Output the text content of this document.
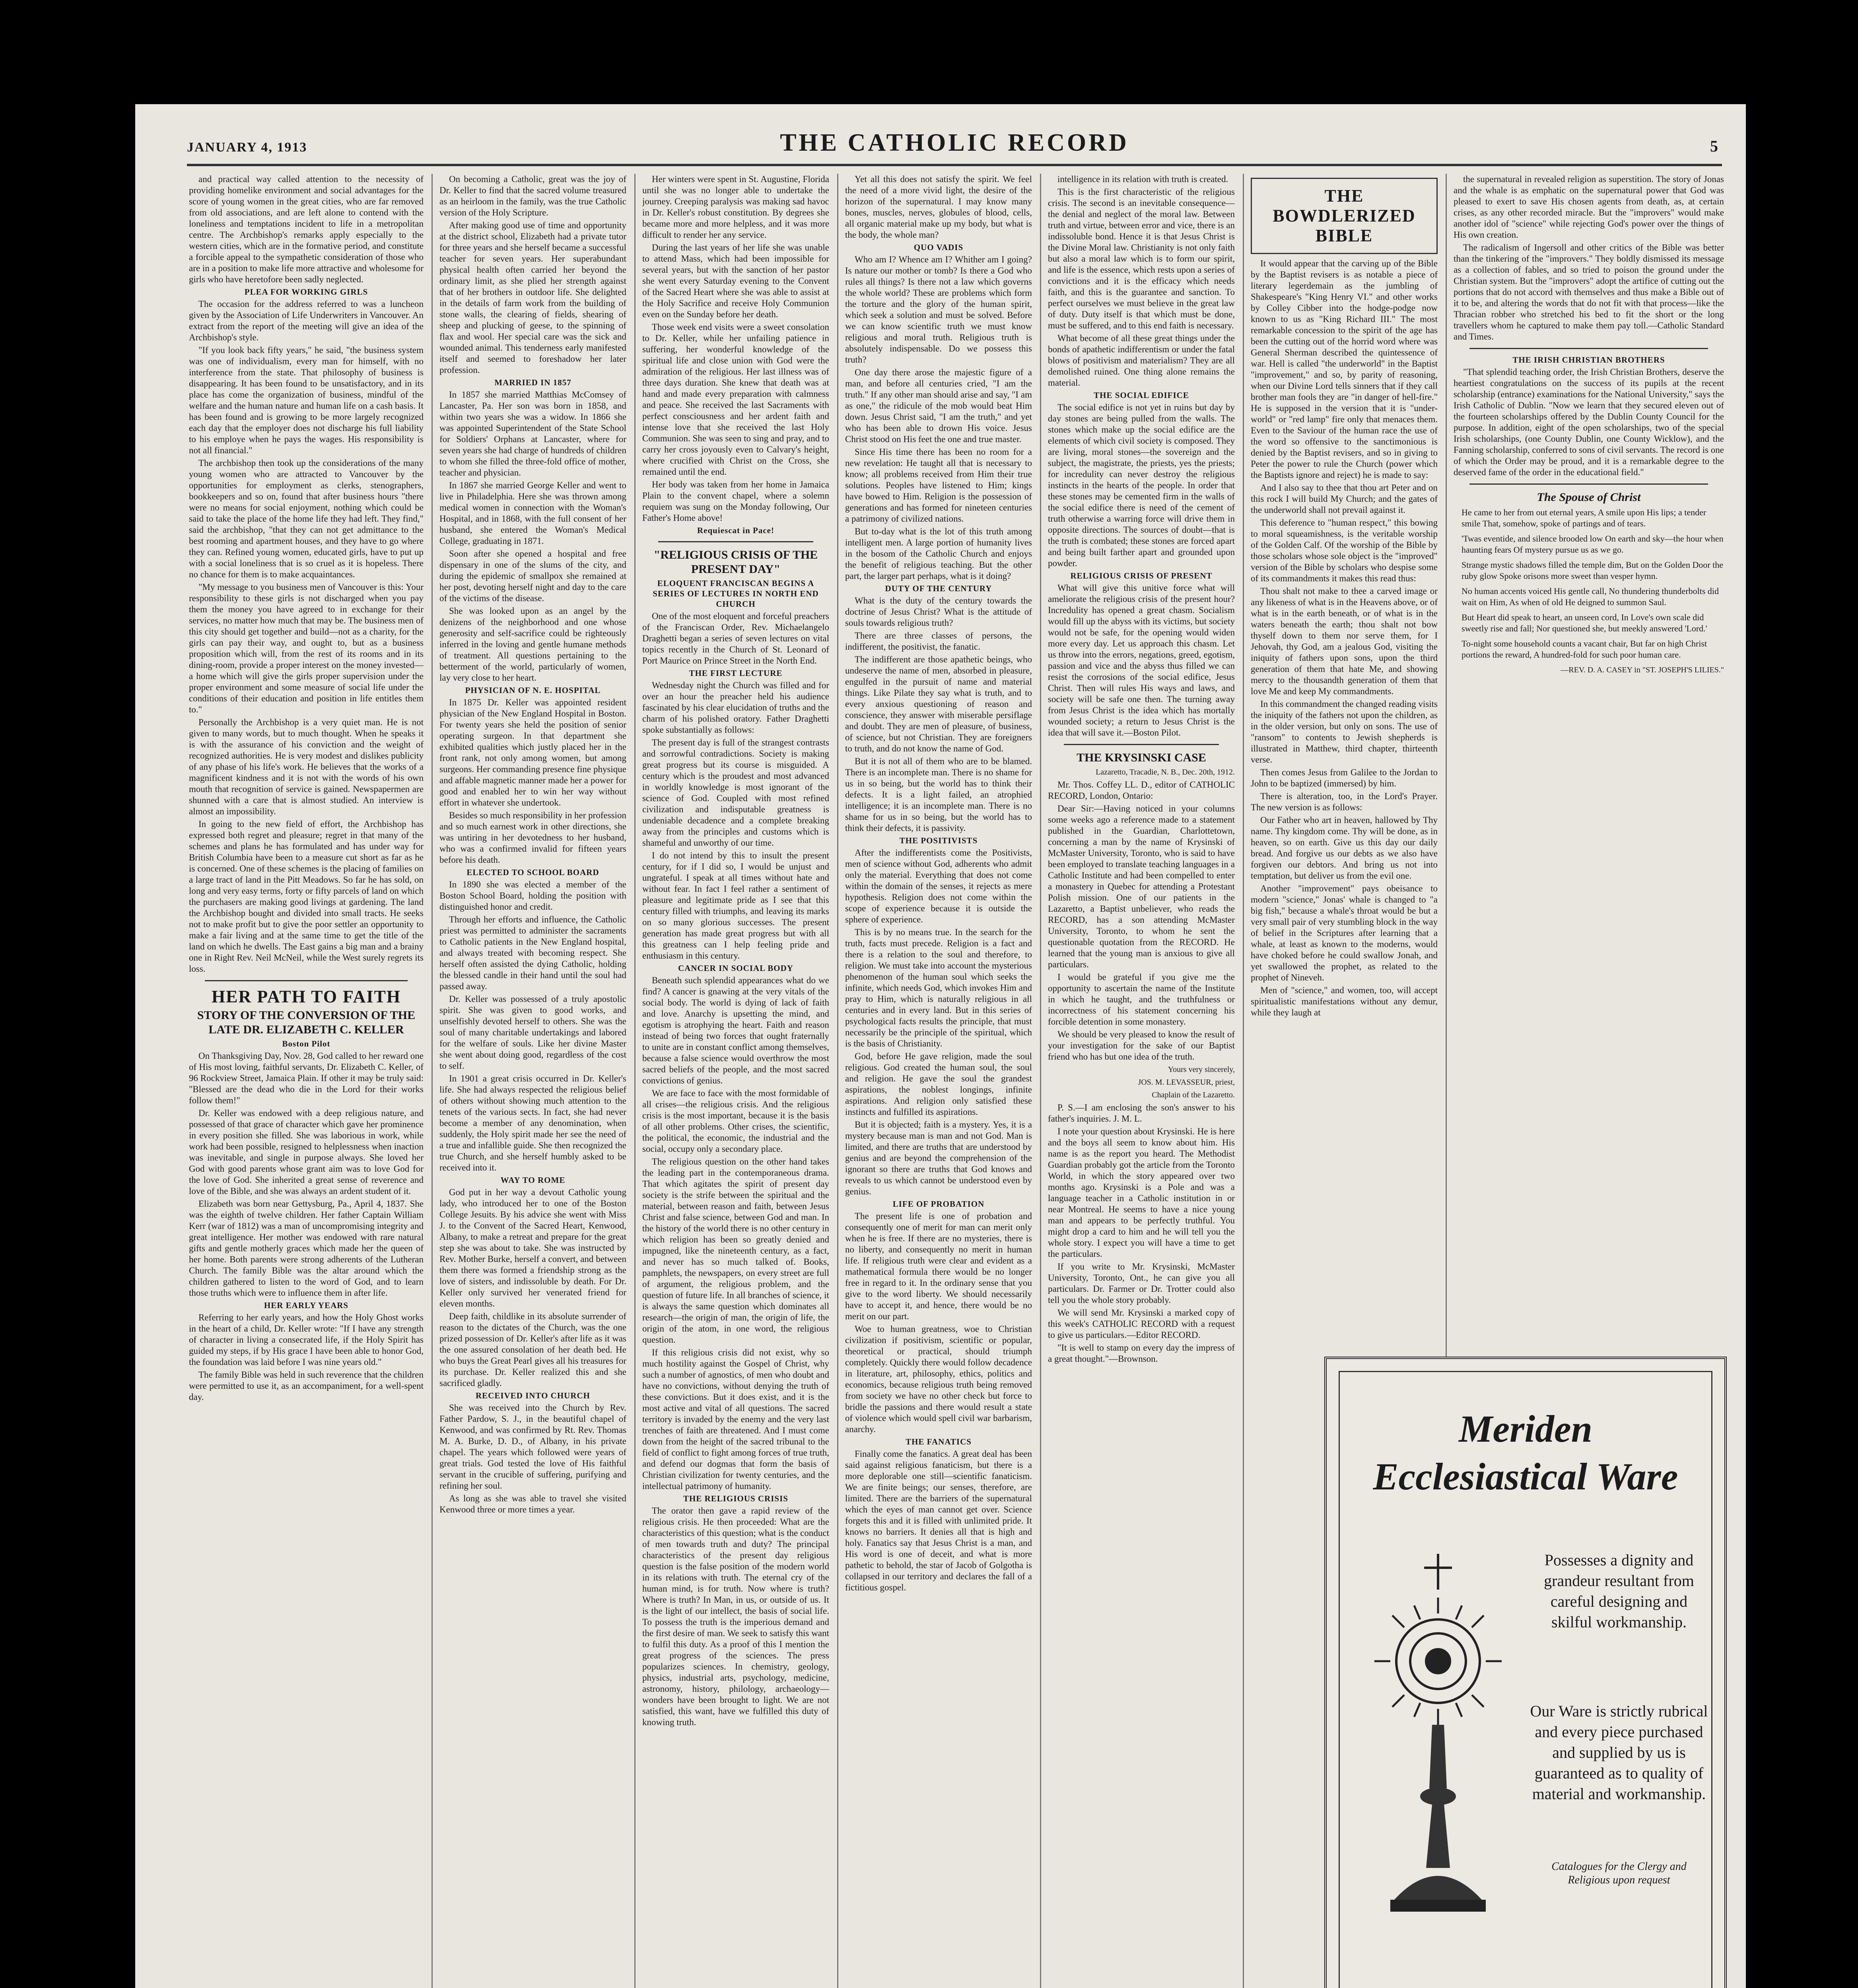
JANUARY 4, 1913	THE CATHOLIC RECORD	5

and practical way called attention to the necessity of providing homelike environment and social advantages for the score of young women in the great cities, who are far removed from old associations, and are left alone to contend with the loneliness and temptations incident to life in a metropolitan centre. The Archbishop's remarks apply especially to the western cities, which are in the formative period, and constitute a forcible appeal to the sympathetic consideration of those who are in a position to make life more attractive and wholesome for girls who have heretofore been sadly neglected.

PLEA FOR WORKING GIRLS

The occasion for the address referred to was a luncheon given by the Association of Life Underwriters in Vancouver. An extract from the report of the meeting will give an idea of the Archbishop's style.

"If you look back fifty years," he said, "the business system was one of individualism, every man for himself, with no interference from the state. That philosophy of business is disappearing. It has been found to be unsatisfactory, and in its place has come the organization of business, mindful of the welfare and the human nature and human life on a cash basis. It has been found and is growing to be more largely recognized each day that the employer does not discharge his full liability to his employe when he pays the wages. His responsibility is not all financial."

The archbishop then took up the considerations of the many young women who are attracted to Vancouver by the opportunities for employment as clerks, stenographers, bookkeepers and so on, found that after business hours "there were no means for social enjoyment, nothing which could be said to take the place of the home life they had left. They find," said the archbishop, "that they can not get admittance to the best rooming and apartment houses, and they have to go where they can. Refined young women, educated girls, have to put up with a social loneliness that is so cruel as it is hopeless. There no chance for them is to make acquaintances.

"My message to you business men of Vancouver is this: Your responsibility to these girls is not discharged when you pay them the money you have agreed to in exchange for their services, no matter how much that may be. The business men of this city should get together and build—not as a charity, for the girls can pay their way, and ought to, but as a business proposition which will, from the rest of its rooms and in its dining-room, provide a proper interest on the money invested—a home which will give the girls proper supervision under the proper environment and some measure of social life under the conditions of their education and position in life entitles them to."

Personally the Archbishop is a very quiet man. He is not given to many words, but to much thought. When he speaks it is with the assurance of his conviction and the weight of recognized authorities. He is very modest and dislikes publicity of any phase of his life's work. He believes that the works of a magnificent kindness and it is not with the words of his own mouth that recognition of service is gained. Newspapermen are shunned with a care that is almost studied. An interview is almost an impossibility.

In going to the new field of effort, the Archbishop has expressed both regret and pleasure; regret in that many of the schemes and plans he has formulated and has under way for British Columbia have been to a measure cut short as far as he is concerned. One of these schemes is the placing of families on a large tract of land in the Pitt Meadows. So far he has sold, on long and very easy terms, forty or fifty parcels of land on which the purchasers are making good livings at gardening. The land the Archbishop bought and divided into small tracts. He seeks not to make profit but to give the poor settler an opportunity to make a fair living and at the same time to get the title of the land on which he dwells. The East gains a big man and a brainy one in Right Rev. Neil McNeil, while the West surely regrets its loss.

HER PATH TO FAITH

STORY OF THE CONVERSION OF THE LATE DR. ELIZABETH C. KELLER

Boston Pilot

On Thanksgiving Day, Nov. 28, God called to her reward one of His most loving, faithful servants, Dr. Elizabeth C. Keller, of 96 Rockview Street, Jamaica Plain. If other it may be truly said: "Blessed are the dead who die in the Lord for their works follow them!"

Dr. Keller was endowed with a deep religious nature, and possessed of that grace of character which gave her prominence in every position she filled. She was laborious in work, while work had been possible, resigned to helplessness when inaction was inevitable, and single in purpose always. She loved her God with good parents whose grant aim was to love God for the love of God. She inherited a great sense of reverence and love of the Bible, and she was always an ardent student of it.

Elizabeth was born near Gettysburg, Pa., April 4, 1837. She was the eighth of twelve children. Her father Captain William Kerr (war of 1812) was a man of uncompromising integrity and great intelligence. Her mother was endowed with rare natural gifts and gentle motherly graces which made her the queen of her home. Both parents were strong adherents of the Lutheran Church. The family Bible was the altar around which the children gathered to listen to the word of God, and to learn those truths which were to influence them in after life.

HER EARLY YEARS

Referring to her early years, and how the Holy Ghost works in the heart of a child, Dr. Keller wrote: "If I have any strength of character in living a consecrated life, if the Holy Spirit has guided my steps, if by His grace I have been able to honor God, the foundation was laid before I was nine years old."

The family Bible was held in such reverence that the children were permitted to use it, as an accompaniment, for a well-spent day.

On becoming a Catholic, great was the joy of Dr. Keller to find that the sacred volume treasured as an heirloom in the family, was the true Catholic version of the Holy Scripture.

After making good use of time and opportunity at the district school, Elizabeth had a private tutor for three years and she herself became a successful teacher for seven years. Her superabundant physical health often carried her beyond the ordinary limit, as she plied her strength against that of her brothers in outdoor life. She delighted in the details of farm work from the building of stone walls, the clearing of fields, shearing of sheep and plucking of geese, to the spinning of flax and wool. Her special care was the sick and wounded animal. This tenderness early manifested itself and seemed to foreshadow her later profession.

MARRIED IN 1857

In 1857 she married Matthias McComsey of Lancaster, Pa. Her son was born in 1858, and within two years she was a widow. In 1866 she was appointed Superintendent of the State School for Soldiers' Orphans at Lancaster, where for seven years she had charge of hundreds of children to whom she filled the three-fold office of mother, teacher and physician.

In 1867 she married George Keller and went to live in Philadelphia. Here she was thrown among medical women in connection with the Woman's Hospital, and in 1868, with the full consent of her husband, she entered the Woman's Medical College, graduating in 1871.

Soon after she opened a hospital and free dispensary in one of the slums of the city, and during the epidemic of smallpox she remained at her post, devoting herself night and day to the care of the victims of the disease.

She was looked upon as an angel by the denizens of the neighborhood and one whose generosity and self-sacrifice could be righteously inferred in the loving and gentle humane methods of treatment. All questions pertaining to the betterment of the world, particularly of women, lay very close to her heart.

PHYSICIAN OF N. E. HOSPITAL

In 1875 Dr. Keller was appointed resident physician of the New England Hospital in Boston. For twenty years she held the position of senior operating surgeon. In that department she exhibited qualities which justly placed her in the front rank, not only among women, but among surgeons. Her commanding presence fine physique and affable magnetic manner made her a power for good and enabled her to win her way without effort in whatever she undertook.

Besides so much responsibility in her profession and so much earnest work in other directions, she was untiring in her devotedness to her husband, who was a confirmed invalid for fifteen years before his death.

ELECTED TO SCHOOL BOARD

In 1890 she was elected a member of the Boston School Board, holding the position with distinguished honor and credit.

Through her efforts and influence, the Catholic priest was permitted to administer the sacraments to Catholic patients in the New England hospital, and always treated with becoming respect. She herself often assisted the dying Catholic, holding the blessed candle in their hand until the soul had passed away.

Dr. Keller was possessed of a truly apostolic spirit. She was given to good works, and unselfishly devoted herself to others. She was the soul of many charitable undertakings and labored for the welfare of souls. Like her divine Master she went about doing good, regardless of the cost to self.

In 1901 a great crisis occurred in Dr. Keller's life. She had always respected the religious belief of others without showing much attention to the tenets of the various sects. In fact, she had never become a member of any denomination, when suddenly, the Holy spirit made her see the need of a true and infallible guide. She then recognized the true Church, and she herself humbly asked to be received into it.

WAY TO ROME

God put in her way a devout Catholic young lady, who introduced her to one of the Boston College Jesuits. By his advice she went with Miss J. to the Convent of the Sacred Heart, Kenwood, Albany, to make a retreat and prepare for the great step she was about to take. She was instructed by Rev. Mother Burke, herself a convert, and between them there was formed a friendship strong as the love of sisters, and indissoluble by death. For Dr. Keller only survived her venerated friend for eleven months.

Deep faith, childlike in its absolute surrender of reason to the dictates of the Church, was the one prized possession of Dr. Keller's after life as it was the one assured consolation of her death bed. He who buys the Great Pearl gives all his treasures for its purchase. Dr. Keller realized this and she sacrificed gladly.

RECEIVED INTO CHURCH

She was received into the Church by Rev. Father Pardow, S. J., in the beautiful chapel of Kenwood, and was confirmed by Rt. Rev. Thomas M. A. Burke, D. D., of Albany, in his private chapel. The years which followed were years of great trials. God tested the love of His faithful servant in the crucible of suffering, purifying and refining her soul.

As long as she was able to travel she visited Kenwood three or more times a year.

Her winters were spent in St. Augustine, Florida until she was no longer able to undertake the journey. Creeping paralysis was making sad havoc in Dr. Keller's robust constitution. By degrees she became more and more helpless, and it was more difficult to render her any service.

During the last years of her life she was unable to attend Mass, which had been impossible for several years, but with the sanction of her pastor she went every Saturday evening to the Convent of the Sacred Heart where she was able to assist at the Holy Sacrifice and receive Holy Communion even on the Sunday before her death.

Those week end visits were a sweet consolation to Dr. Keller, while her unfailing patience in suffering, her wonderful knowledge of the spiritual life and close union with God were the admiration of the religious. Her last illness was of three days duration. She knew that death was at hand and made every preparation with calmness and peace. She received the last Sacraments with perfect consciousness and her ardent faith and intense love that she received the last Holy Communion. She was seen to sing and pray, and to carry her cross joyously even to Calvary's height, where crucified with Christ on the Cross, she remained until the end.

Her body was taken from her home in Jamaica Plain to the convent chapel, where a solemn requiem was sung on the Monday following, Our Father's Home above!

Requiescat in Pace!

"RELIGIOUS CRISIS OF THE PRESENT DAY"

ELOQUENT FRANCISCAN BEGINS A SERIES OF LECTURES IN NORTH END CHURCH

One of the most eloquent and forceful preachers of the Franciscan Order, Rev. Michaelangelo Draghetti began a series of seven lectures on vital topics recently in the Church of St. Leonard of Port Maurice on Prince Street in the North End.

THE FIRST LECTURE

Wednesday night the Church was filled and for over an hour the preacher held his audience fascinated by his clear elucidation of truths and the charm of his polished oratory. Father Draghetti spoke substantially as follows:

The present day is full of the strangest contrasts and sorrowful contradictions. Society is making great progress but its course is misguided. A century which is the proudest and most advanced in worldly knowledge is most ignorant of the science of God. Coupled with most refined civilization and indisputable greatness is undeniable decadence and a complete breaking away from the principles and customs which is shameful and unworthy of our time.

I do not intend by this to insult the present century, for if I did so, I would be unjust and ungrateful. I speak at all times without hate and without fear. In fact I feel rather a sentiment of pleasure and legitimate pride as I see that this century filled with triumphs, and leaving its marks on so many glorious successes. The present generation has made great progress but with all this greatness can I help feeling pride and enthusiasm in this century.

CANCER IN SOCIAL BODY

Beneath such splendid appearances what do we find? A cancer is gnawing at the very vitals of the social body. The world is dying of lack of faith and love. Anarchy is upsetting the mind, and egotism is atrophying the heart. Faith and reason instead of being two forces that ought fraternally to unite are in constant conflict among themselves, because a false science would overthrow the most sacred beliefs of the people, and the most sacred convictions of genius.

We are face to face with the most formidable of all crises—the religious crisis. And the religious crisis is the most important, because it is the basis of all other problems. Other crises, the scientific, the political, the economic, the industrial and the social, occupy only a secondary place.

The religious question on the other hand takes the leading part in the contemporaneous drama. That which agitates the spirit of present day society is the strife between the spiritual and the material, between reason and faith, between Jesus Christ and false science, between God and man. In the history of the world there is no other century in which religion has been so greatly denied and impugned, like the nineteenth century, as a fact, and never has so much talked of. Books, pamphlets, the newspapers, on every street are full of argument, the religious problem, and the question of future life. In all branches of science, it is always the same question which dominates all research—the origin of man, the origin of life, the origin of the atom, in one word, the religious question.

If this religious crisis did not exist, why so much hostility against the Gospel of Christ, why such a number of agnostics, of men who doubt and have no convictions, without denying the truth of these convictions. But it does exist, and it is the most active and vital of all questions. The sacred territory is invaded by the enemy and the very last trenches of faith are threatened. And I must come down from the height of the sacred tribunal to the field of conflict to fight among forces of true truth, and defend our dogmas that form the basis of Christian civilization for twenty centuries, and the intellectual patrimony of humanity.

THE RELIGIOUS CRISIS

The orator then gave a rapid review of the religious crisis. He then proceeded: What are the characteristics of this question; what is the conduct of men towards truth and duty? The principal characteristics of the present day religious question is the false position of the modern world in its relations with truth. The eternal cry of the human mind, is for truth. Now where is truth? Where is truth? In Man, in us, or outside of us. It is the light of our intellect, the basis of social life. To possess the truth is the imperious demand and the first desire of man. We seek to satisfy this want to fulfil this duty. As a proof of this I mention the great progress of the sciences. The press popularizes sciences. In chemistry, geology, physics, industrial arts, psychology, medicine, astronomy, history, philology, archaeology—wonders have been brought to light. We are not satisfied, this want, have we fulfilled this duty of knowing truth.

Yet all this does not satisfy the spirit. We feel the need of a more vivid light, the desire of the horizon of the supernatural. I may know many bones, muscles, nerves, globules of blood, cells, all organic material make up my body, but what is the body, the whole man?

QUO VADIS

Who am I? Whence am I? Whither am I going? Is nature our mother or tomb? Is there a God who rules all things? Is there not a law which governs the whole world? These are problems which form the torture and the glory of the human spirit, which seek a solution and must be solved. Before we can know scientific truth we must know religious and moral truth. Religious truth is absolutely indispensable. Do we possess this truth?

One day there arose the majestic figure of a man, and before all centuries cried, "I am the truth." If any other man should arise and say, "I am as one," the ridicule of the mob would beat Him down. Jesus Christ said, "I am the truth," and yet who has been able to drown His voice. Jesus Christ stood on His feet the one and true master.

Since His time there has been no room for a new revelation: He taught all that is necessary to know; all problems received from Him their true solutions. Peoples have listened to Him; kings have bowed to Him. Religion is the possession of generations and has formed for nineteen centuries a patrimony of civilized nations.

But to-day what is the lot of this truth among intelligent men. A large portion of humanity lives in the bosom of the Catholic Church and enjoys the benefit of religious teaching. But the other part, the larger part perhaps, what is it doing?

DUTY OF THE CENTURY

What is the duty of the century towards the doctrine of Jesus Christ? What is the attitude of souls towards religious truth?

There are three classes of persons, the indifferent, the positivist, the fanatic.

The indifferent are those apathetic beings, who undeserve the name of men, absorbed in pleasure, engulfed in the pursuit of name and material things. Like Pilate they say what is truth, and to every anxious questioning of reason and conscience, they answer with miserable persiflage and doubt. They are men of pleasure, of business, of science, but not Christian. They are foreigners to truth, and do not know the name of God.

But it is not all of them who are to be blamed. There is an incomplete man. There is no shame for us in so being, but the world has to think their defects. It is a light failed, an atrophied intelligence; it is an incomplete man. There is no shame for us in so being, but the world has to think their defects, it is passivity.

THE POSITIVISTS

After the indifferentists come the Positivists, men of science without God, adherents who admit only the material. Everything that does not come within the domain of the senses, it rejects as mere hypothesis. Religion does not come within the scope of experience because it is outside the sphere of experience.

This is by no means true. In the search for the truth, facts must precede. Religion is a fact and there is a relation to the soul and therefore, to religion. We must take into account the mysterious phenomenon of the human soul which seeks the infinite, which needs God, which invokes Him and pray to Him, which is naturally religious in all centuries and in every land. But in this series of psychological facts results the principle, that must necessarily be the principle of the spiritual, which is the basis of Christianity.

God, before He gave religion, made the soul religious. God created the human soul, the soul and religion. He gave the soul the grandest aspirations, the noblest longings, infinite aspirations. And religion only satisfied these instincts and fulfilled its aspirations.

But it is objected; faith is a mystery. Yes, it is a mystery because man is man and not God. Man is limited, and there are truths that are understood by genius and are beyond the comprehension of the ignorant so there are truths that God knows and reveals to us which cannot be understood even by genius.

LIFE OF PROBATION

The present life is one of probation and consequently one of merit for man can merit only when he is free. If there are no mysteries, there is no liberty, and consequently no merit in human life. If religious truth were clear and evident as a mathematical formula there would be no longer free in regard to it. In the ordinary sense that you give to the word liberty. We should necessarily have to accept it, and hence, there would be no merit on our part.

Woe to human greatness, woe to Christian civilization if positivism, scientific or popular, theoretical or practical, should triumph completely. Quickly there would follow decadence in literature, art, philosophy, ethics, politics and economics, because religious truth being removed from society we have no other check but force to bridle the passions and there would result a state of violence which would spell civil war barbarism, anarchy.

THE FANATICS

Finally come the fanatics. A great deal has been said against religious fanaticism, but there is a more deplorable one still—scientific fanaticism. We are finite beings; our senses, therefore, are limited. There are the barriers of the supernatural which the eyes of man cannot get over. Science forgets this and it is filled with unlimited pride. It knows no barriers. It denies all that is high and holy. Fanatics say that Jesus Christ is a man, and His word is one of deceit, and what is more pathetic to behold, the star of Jacob of Golgotha is collapsed in our territory and declares the fall of a fictitious gospel.

intelligence in its relation with truth is created.

This is the first characteristic of the religious crisis. The second is an inevitable consequence—the denial and neglect of the moral law. Between truth and virtue, between error and vice, there is an indissoluble bond. Hence it is that Jesus Christ is the Divine Moral law. Christianity is not only faith but also a moral law which is to form our spirit, and life is the essence, which rests upon a series of convictions and it is the efficacy which needs faith, and this is the guarantee and sanction. To perfect ourselves we must believe in the great law of duty. Duty itself is that which must be done, must be suffered, and to this end faith is necessary.

What become of all these great things under the bonds of apathetic indifferentism or under the fatal blows of positivism and materialism? They are all demolished ruined. One thing alone remains the material.

THE SOCIAL EDIFICE

The social edifice is not yet in ruins but day by day stones are being pulled from the walls. The stones which make up the social edifice are the elements of which civil society is composed. They are living, moral stones—the sovereign and the subject, the magistrate, the priests, yes the priests; for incredulity can never destroy the religious instincts in the hearts of the people. In order that these stones may be cemented firm in the walls of the social edifice there is need of the cement of truth otherwise a warring force will drive them in opposite directions. The sources of doubt—that is the truth is combated; these stones are forced apart and being built farther apart and grounded upon powder.

RELIGIOUS CRISIS OF PRESENT

What will give this unitive force what will ameliorate the religious crisis of the present hour? Incredulity has opened a great chasm. Socialism would fill up the abyss with its victims, but society would not be safe, for the opening would widen more every day. Let us approach this chasm. Let us throw into the errors, negations, greed, egotism, passion and vice and the abyss thus filled we can resist the corrosions of the social edifice, Jesus Christ. Then will rules His ways and laws, and society will be safe one then. The turning away from Jesus Christ is the idea which has mortally wounded society; a return to Jesus Christ is the idea that will save it.—Boston Pilot.

THE KRYSINSKI CASE

Lazaretto, Tracadie, N. B., Dec. 20th, 1912.

Mr. Thos. Coffey LL. D., editor of CATHOLIC RECORD, London, Ontario:

Dear Sir:—Having noticed in your columns some weeks ago a reference made to a statement published in the Guardian, Charlottetown, concerning a man by the name of Krysinski of McMaster University, Toronto, who is said to have been employed to translate teaching languages in a Catholic Institute and had been compelled to enter a monastery in Quebec for attending a Protestant Polish mission. One of our patients in the Lazaretto, a Baptist unbeliever, who reads the RECORD, has a son attending McMaster University, Toronto, to whom he sent the questionable quotation from the RECORD. He learned that the young man is anxious to give all particulars.

I would be grateful if you give me the opportunity to ascertain the name of the Institute in which he taught, and the truthfulness or incorrectness of his statement concerning his forcible detention in some monastery.

We should be very pleased to know the result of your investigation for the sake of our Baptist friend who has but one idea of the truth.

Yours very sincerely,

JOS. M. LEVASSEUR, priest,

Chaplain of the Lazaretto.

P. S.—I am enclosing the son's answer to his father's inquiries. J. M. L.

I note your question about Krysinski. He is here and the boys all seem to know about him. His name is as the report you heard. The Methodist Guardian probably got the article from the Toronto World, in which the story appeared over two months ago. Krysinski is a Pole and was a language teacher in a Catholic institution in or near Montreal. He seems to have a nice young man and appears to be perfectly truthful. You might drop a card to him and he will tell you the whole story. I expect you will have a time to get the particulars.

If you write to Mr. Krysinski, McMaster University, Toronto, Ont., he can give you all particulars. Dr. Farmer or Dr. Trotter could also tell you the whole story probably.

We will send Mr. Krysinski a marked copy of this week's CATHOLIC RECORD with a request to give us particulars.—Editor RECORD.

"It is well to stamp on every day the impress of a great thought."—Brownson.

THE BOWDLERIZED BIBLE

It would appear that the carving up of the Bible by the Baptist revisers is as notable a piece of literary legerdemain as the jumbling of Shakespeare's "King Henry VI." and other works by Colley Cibber into the hodge-podge now known to us as "King Richard III." The most remarkable concession to the spirit of the age has been the cutting out of the horrid word where was General Sherman described the quintessence of war. Hell is called "the underworld" in the Baptist "improvement," and so, by parity of reasoning, when our Divine Lord tells sinners that if they call brother man fools they are "in danger of hell-fire." He is supposed in the version that it is "under-world" or "red lamp" fire only that menaces them. Even to the Saviour of the human race the use of the word so offensive to the sanctimonious is denied by the Baptist revisers, and so in giving to Peter the power to rule the Church (power which the Baptists ignore and reject) he is made to say:

And I also say to thee that thou art Peter and on this rock I will build My Church; and the gates of the underworld shall not prevail against it.

This deference to "human respect," this bowing to moral squeamishness, is the veritable worship of the Golden Calf. Of the worship of the Bible by those scholars whose sole object is the "improved" version of the Bible by scholars who despise some of its commandments it makes this read thus:

Thou shalt not make to thee a carved image or any likeness of what is in the Heavens above, or of what is in the earth beneath, or of what is in the waters beneath the earth; thou shalt not bow thyself down to them nor serve them, for I Jehovah, thy God, am a jealous God, visiting the iniquity of fathers upon sons, upon the third generation of them that hate Me, and showing mercy to the thousandth generation of them that love Me and keep My commandments.

In this commandment the changed reading visits the iniquity of the fathers not upon the children, as in the older version, but only on sons. The use of "ransom" to contents to Jewish shepherds is illustrated in Matthew, third chapter, thirteenth verse.

Then comes Jesus from Galilee to the Jordan to John to be baptized (immersed) by him.

There is alteration, too, in the Lord's Prayer. The new version is as follows:

Our Father who art in heaven, hallowed by Thy name. Thy kingdom come. Thy will be done, as in heaven, so on earth. Give us this day our daily bread. And forgive us our debts as we also have forgiven our debtors. And bring us not into temptation, but deliver us from the evil one.

Another "improvement" pays obeisance to modern "science," Jonas' whale is changed to "a big fish," because a whale's throat would be but a very small pair of very stumbling block in the way of belief in the Scriptures after learning that a whale, at least as known to the moderns, would have choked before he could swallow Jonah, and yet swallowed the prophet, as related to the prophet of Nineveh.

Men of "science," and women, too, will accept spiritualistic manifestations without any demur, while they laugh at

the supernatural in revealed religion as superstition. The story of Jonas and the whale is as emphatic on the supernatural power that God was pleased to exert to save His chosen agents from death, as, at certain crises, as any other recorded miracle. But the "improvers" would make another idol of "science" while rejecting God's power over the things of His own creation.

The radicalism of Ingersoll and other critics of the Bible was better than the tinkering of the "improvers." They boldly dismissed its message as a collection of fables, and so tried to poison the ground under the Christian system. But the "improvers" adopt the artifice of cutting out the portions that do not accord with themselves and thus make a Bible out of it to be, and altering the words that do not fit with that process—like the Thracian robber who stretched his bed to fit the short or the long travellers whom he captured to make them pay toll.—Catholic Standard and Times.

THE IRISH CHRISTIAN BROTHERS

"That splendid teaching order, the Irish Christian Brothers, deserve the heartiest congratulations on the success of its pupils at the recent scholarship (entrance) examinations for the National University," says the Irish Catholic of Dublin. "Now we learn that they secured eleven out of the fourteen scholarships offered by the Dublin County Council for the purpose. In addition, eight of the open scholarships, two of the special Irish scholarships, (one County Dublin, one County Wicklow), and the Fanning scholarship, conferred to sons of civil servants. The record is one of which the Order may be proud, and it is a remarkable degree to the deserved fame of the order in the educational field."

The Spouse of Christ

He came to her from out eternal years, A smile upon His lips; a tender smile That, somehow, spoke of partings and of tears.

'Twas eventide, and silence brooded low On earth and sky—the hour when haunting fears Of mystery pursue us as we go.

Strange mystic shadows filled the temple dim, But on the Golden Door the ruby glow Spoke orisons more sweet than vesper hymn.

No human accents voiced His gentle call, No thundering thunderbolts did wait on Him, As when of old He deigned to summon Saul.

But Heart did speak to heart, an unseen cord, In Love's own scale did sweetly rise and fall; Nor questioned she, but meekly answered 'Lord.'

To-night some household counts a vacant chair, But far on high Christ portions the reward, A hundred-fold for such poor human care.

—REV. D. A. CASEY in "ST. JOSEPH'S LILIES."

Meriden
Ecclesiastical Ware
Possesses a dignity and grandeur resultant from careful designing and skilful workmanship.
Our Ware is strictly rubrical and every piece purchased and supplied by us is guaranteed as to quality of material and workmanship.
Catalogues for the Clergy and Religious upon request
